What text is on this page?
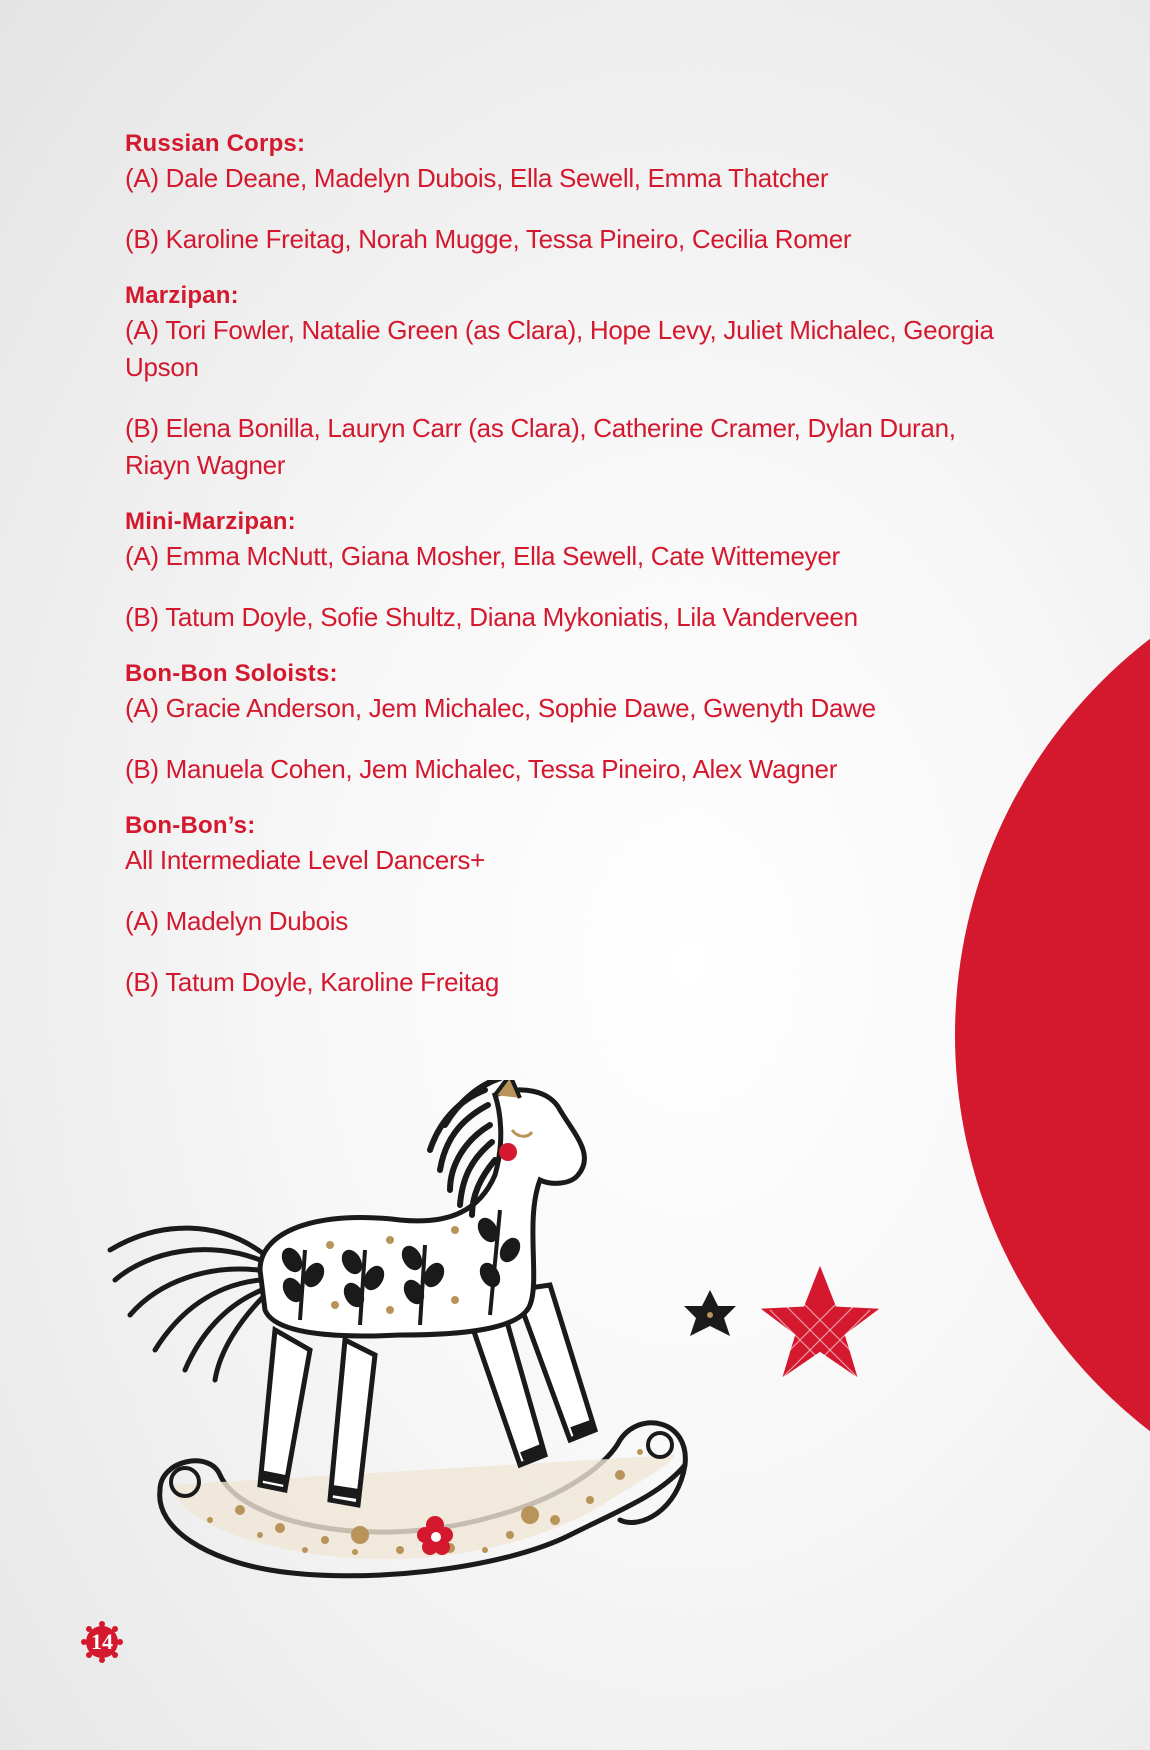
Russian Corps:

(A) Dale Deane, Madelyn Dubois, Ella Sewell, Emma Thatcher

(B) Karoline Freitag, Norah Mugge, Tessa Pineiro, Cecilia Romer

Marzipan:

(A) Tori Fowler, Natalie Green (as Clara), Hope Levy, Juliet Michalec, Georgia Upson

(B) Elena Bonilla, Lauryn Carr (as Clara), Catherine Cramer, Dylan Duran, Riayn Wagner

Mini-Marzipan:

(A) Emma McNutt, Giana Mosher, Ella Sewell, Cate Wittemeyer

(B) Tatum Doyle, Sofie Shultz, Diana Mykoniatis, Lila Vanderveen

Bon-Bon Soloists:

(A) Gracie Anderson, Jem Michalec, Sophie Dawe, Gwenyth Dawe

(B) Manuela Cohen, Jem Michalec, Tessa Pineiro, Alex Wagner

Bon-Bon’s:

All Intermediate Level Dancers+

(A) Madelyn Dubois

(B) Tatum Doyle, Karoline Freitag

14
